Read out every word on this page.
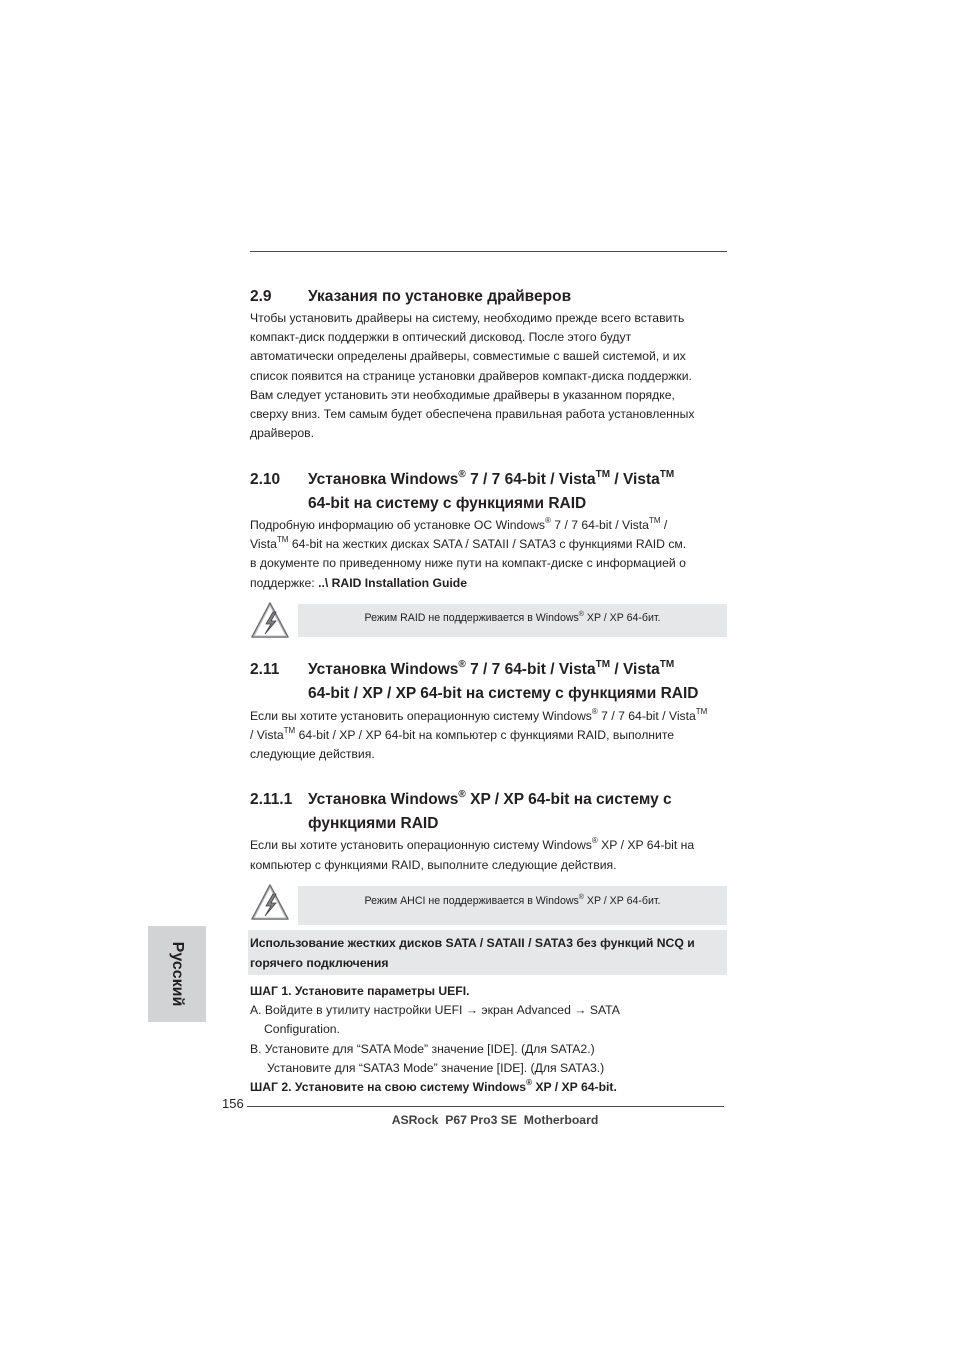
2.9 Указания по установке драйверов
Чтобы установить драйверы на систему, необходимо прежде всего вставить
компакт-диск поддержки в оптический дисковод. После этого будут
автоматически определены драйверы, совместимые с вашей системой, и их
список появится на странице установки драйверов компакт-диска поддержки.
Вам следует установить эти необходимые драйверы в указанном порядке,
сверху вниз. Тем самым будет обеспечена правильная работа установленных
драйверов.
2.10 Установка Windows® 7 / 7 64-bit / Vista™ / Vista™
64-bit на систему с функциями RAID
Подробную информацию об установке ОС Windows® 7 / 7 64-bit / Vista™ /
Vista™ 64-bit на жестких дисках SATA / SATAII / SATA3 с функциями RAID см.
в документе по приведенному ниже пути на компакт-диске с информацией о
поддержке: ..\ RAID Installation Guide
Режим RAID не поддерживается в Windows® XP / XP 64-бит.
2.11 Установка Windows® 7 / 7 64-bit / Vista™ / Vista™
64-bit / XP / XP 64-bit на систему с функциями RAID
Если вы хотите установить операционную систему Windows® 7 / 7 64-bit / Vista™
/ Vista™ 64-bit / XP / XP 64-bit на компьютер с функциями RAID, выполните
следующие действия.
2.11.1 Установка Windows® XP / XP 64-bit на систему с
функциями RAID
Если вы хотите установить операционную систему Windows® XP / XP 64-bit на
компьютер с функциями RAID, выполните следующие действия.
Режим AHCI не поддерживается в Windows® XP / XP 64-бит.
Русский	Использование жестких дисков SATA / SATAII / SATA3 без функций NCQ и
горячего подключения
ШАГ 1. Установите параметры UEFI.
A. Войдите в утилиту настройки UEFI → экран Advanced → SATA
Configuration.
B. Установите для “SATA Mode” значение [IDE]. (Для SATA2.)
Установите для “SATA3 Mode” значение [IDE]. (Для SATA3.)
ШАГ 2. Установите на свою систему Windows® XP / XP 64-bit.
156
ASRock  P67 Pro3 SE  Motherboard
